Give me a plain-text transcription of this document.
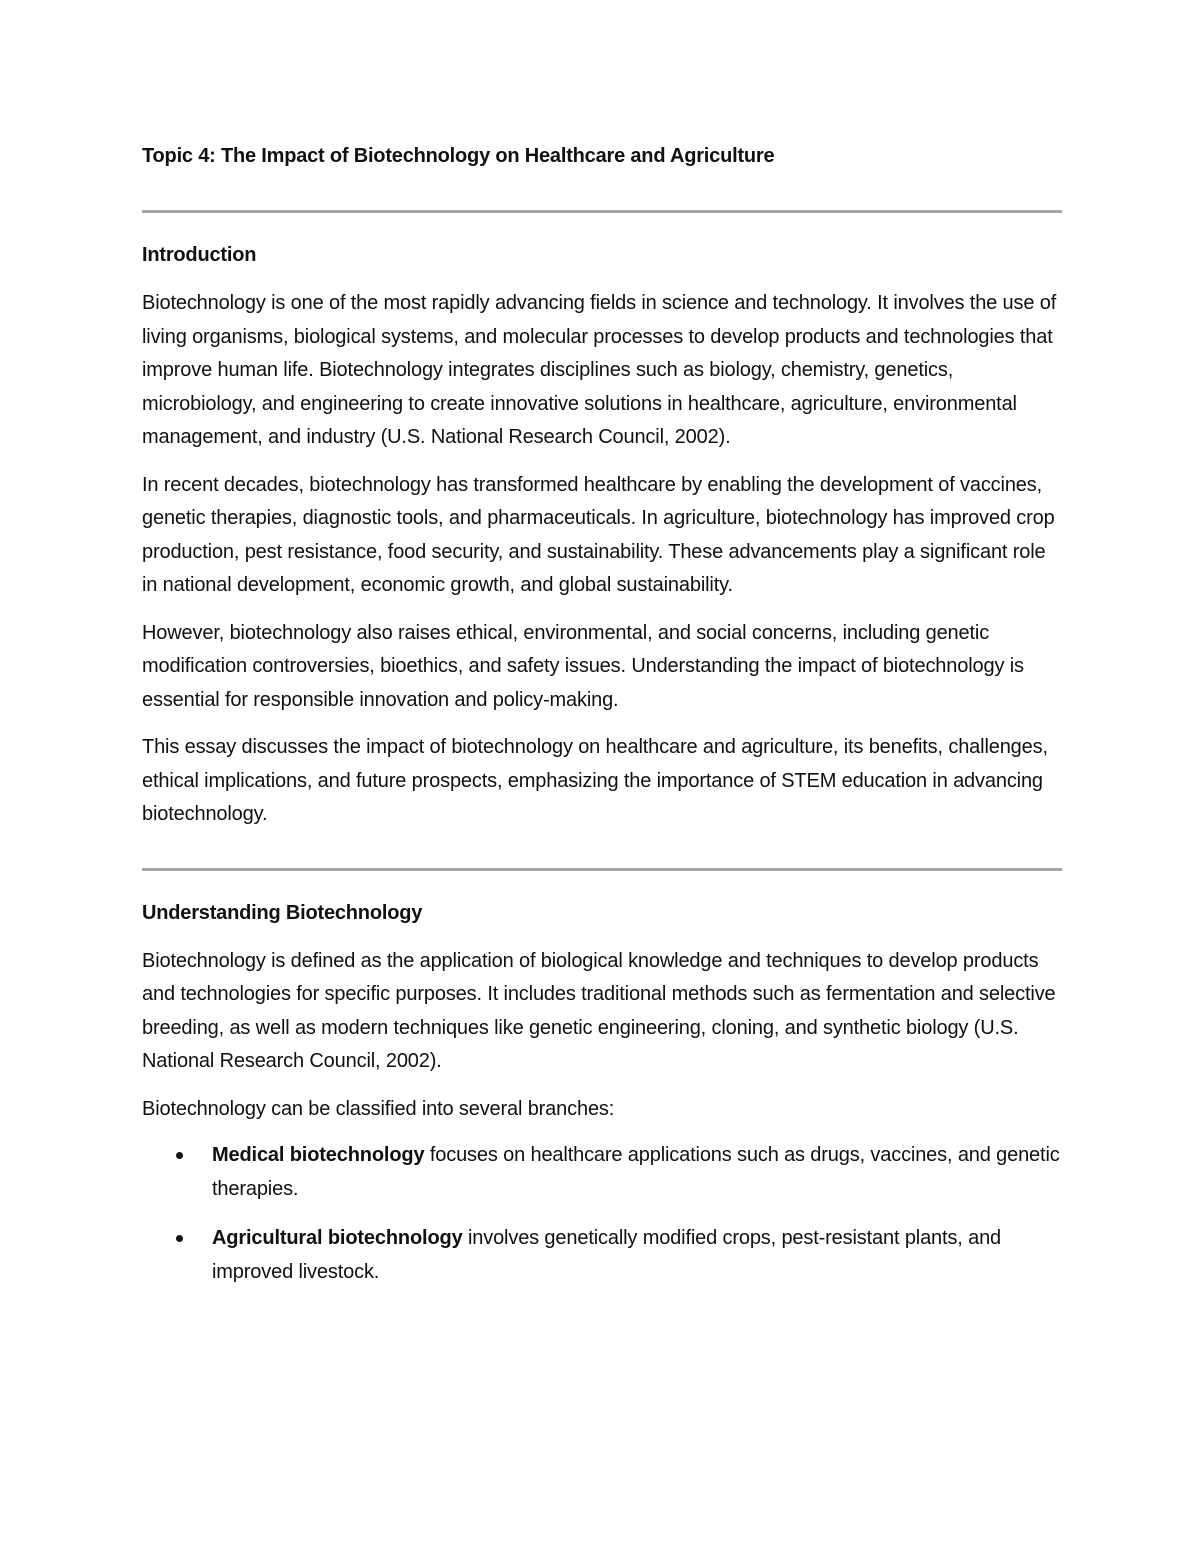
Topic 4: The Impact of Biotechnology on Healthcare and Agriculture
Introduction

Biotechnology is one of the most rapidly advancing fields in science and technology. It involves the use of living organisms, biological systems, and molecular processes to develop products and technologies that improve human life. Biotechnology integrates disciplines such as biology, chemistry, genetics, microbiology, and engineering to create innovative solutions in healthcare, agriculture, environmental management, and industry (U.S. National Research Council, 2002).

In recent decades, biotechnology has transformed healthcare by enabling the development of vaccines, genetic therapies, diagnostic tools, and pharmaceuticals. In agriculture, biotechnology has improved crop production, pest resistance, food security, and sustainability. These advancements play a significant role in national development, economic growth, and global sustainability.

However, biotechnology also raises ethical, environmental, and social concerns, including genetic modification controversies, bioethics, and safety issues. Understanding the impact of biotechnology is essential for responsible innovation and policy-making.

This essay discusses the impact of biotechnology on healthcare and agriculture, its benefits, challenges, ethical implications, and future prospects, emphasizing the importance of STEM education in advancing biotechnology.

Understanding Biotechnology

Biotechnology is defined as the application of biological knowledge and techniques to develop products and technologies for specific purposes. It includes traditional methods such as fermentation and selective breeding, as well as modern techniques like genetic engineering, cloning, and synthetic biology (U.S. National Research Council, 2002).

Biotechnology can be classified into several branches:

Medical biotechnology focuses on healthcare applications such as drugs, vaccines, and genetic therapies.
Agricultural biotechnology involves genetically modified crops, pest-resistant plants, and improved livestock.
